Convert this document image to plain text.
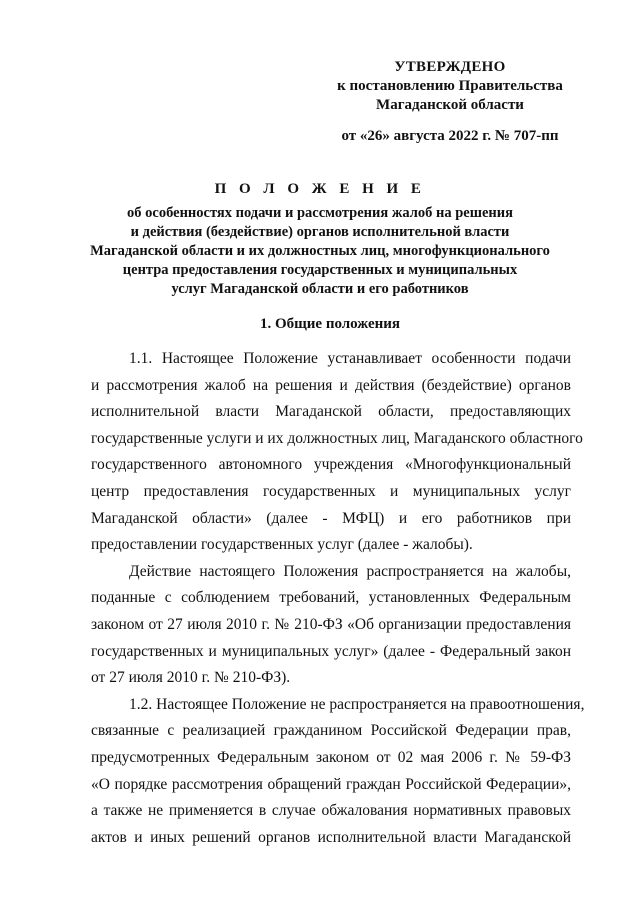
УТВЕРЖДЕНО
к постановлению Правительства
Магаданской области
от «26» августа 2022 г. № 707-пп
П О Л О Ж Е Н И Е
об особенностях подачи и рассмотрения жалоб на решения
и действия (бездействие) органов исполнительной власти
Магаданской области и их должностных лиц, многофункционального
центра предоставления государственных и муниципальных
услуг Магаданской области и его работников
1. Общие положения
1.1. Настоящее Положение устанавливает особенности подачи
и рассмотрения жалоб на решения и действия (бездействие) органов
исполнительной власти Магаданской области, предоставляющих
государственные услуги и их должностных лиц, Магаданского областного
государственного автономного учреждения «Многофункциональный
центр предоставления государственных и муниципальных услуг
Магаданской области» (далее - МФЦ) и его работников при
предоставлении государственных услуг (далее - жалобы).
Действие настоящего Положения распространяется на жалобы,
поданные с соблюдением требований, установленных Федеральным
законом от 27 июля 2010 г. № 210-ФЗ «Об организации предоставления
государственных и муниципальных услуг» (далее - Федеральный закон
от 27 июля 2010 г. № 210-ФЗ).
1.2. Настоящее Положение не распространяется на правоотношения,
связанные с реализацией гражданином Российской Федерации прав,
предусмотренных Федеральным законом от 02 мая 2006 г. № 59-ФЗ
«О порядке рассмотрения обращений граждан Российской Федерации»,
а также не применяется в случае обжалования нормативных правовых
актов и иных решений органов исполнительной власти Магаданской
